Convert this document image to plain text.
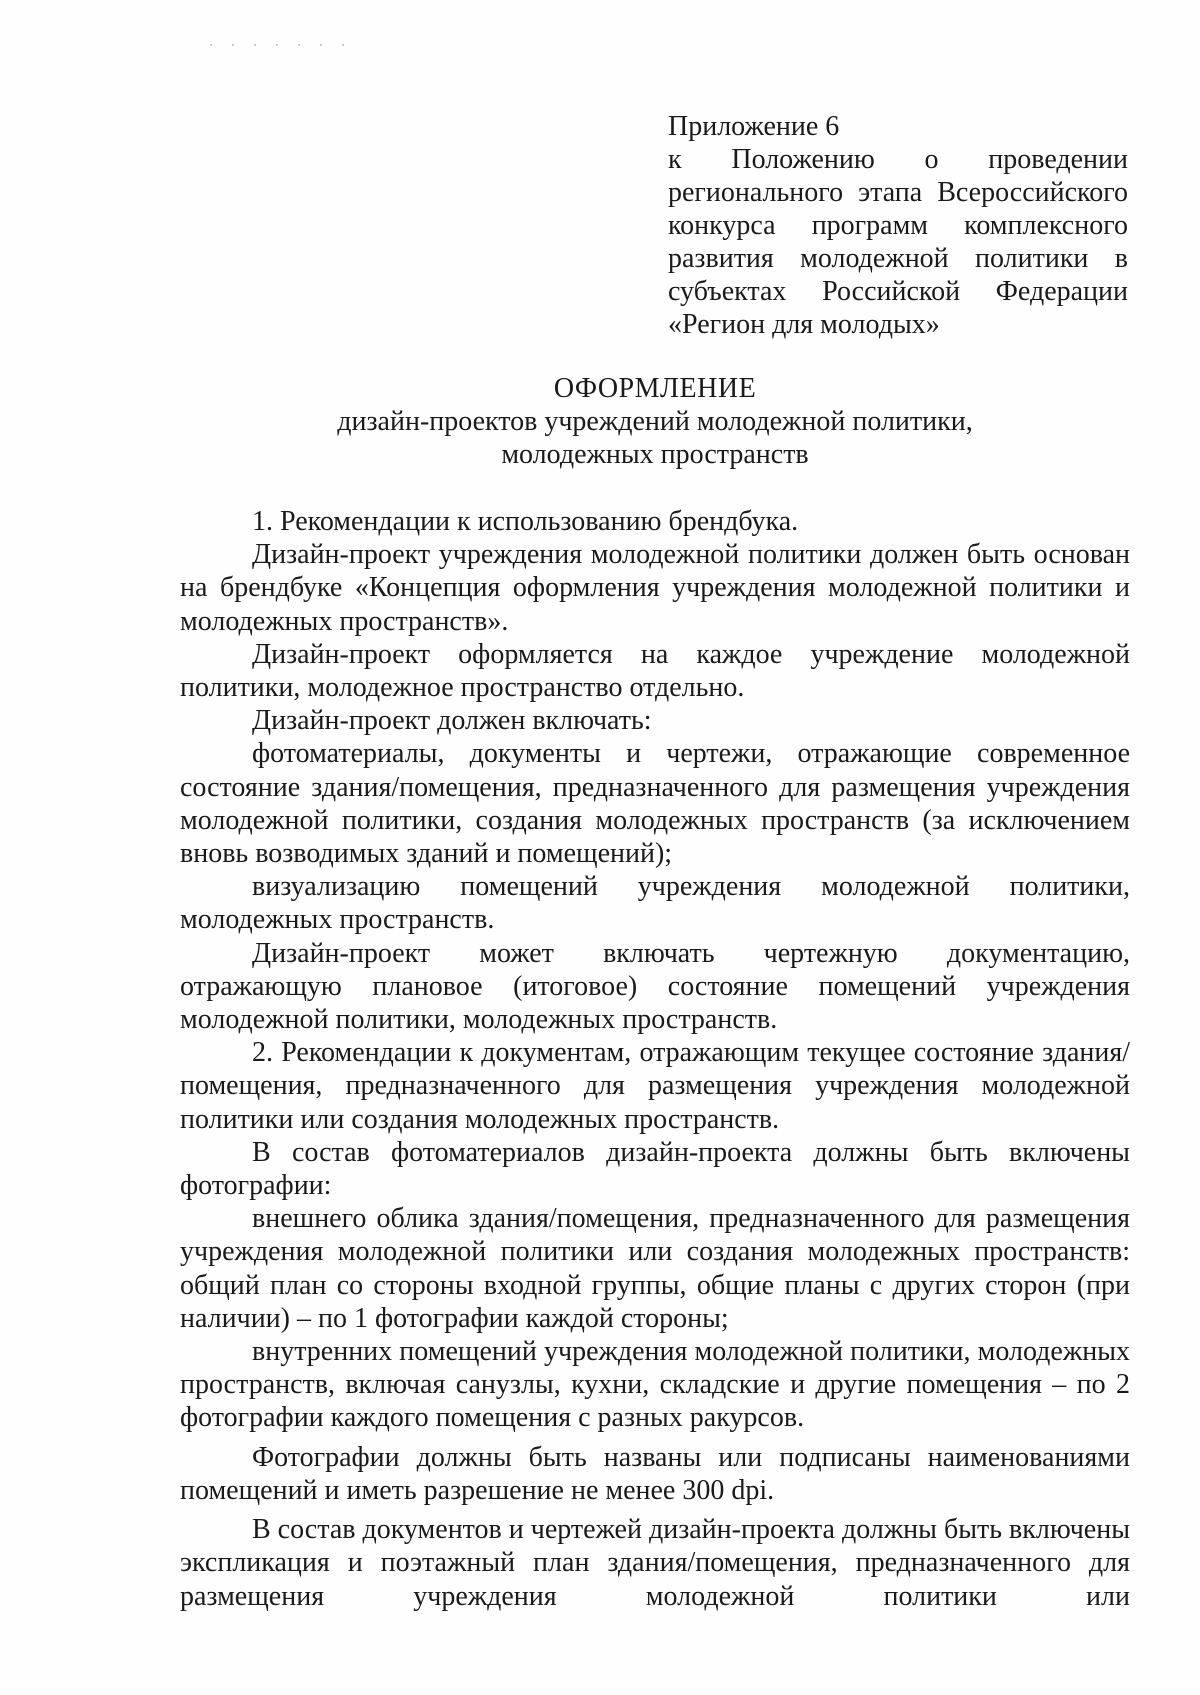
Приложение 6
к Положению о проведении регионального этапа Всероссийского конкурса программ комплексного развития молодежной политики в субъектах Российской Федерации «Регион для молодых»
ОФОРМЛЕНИЕ
дизайн-проектов учреждений молодежной политики,
молодежных пространств

1. Рекомендации к использованию брендбука.

Дизайн-проект учреждения молодежной политики должен быть основан на брендбуке «Концепция оформления учреждения молодежной политики и молодежных пространств».

Дизайн-проект оформляется на каждое учреждение молодежной политики, молодежное пространство отдельно.

Дизайн-проект должен включать:

фотоматериалы, документы и чертежи, отражающие современное состояние здания/помещения, предназначенного для размещения учреждения молодежной политики, создания молодежных пространств (за исключением вновь возводимых зданий и помещений);

визуализацию помещений учреждения молодежной политики, молодежных пространств.

Дизайн-проект может включать чертежную документацию, отражающую плановое (итоговое) состояние помещений учреждения молодежной политики, молодежных пространств.

2. Рекомендации к документам, отражающим текущее состояние здания/помещения, предназначенного для размещения учреждения молодежной политики или создания молодежных пространств.

В состав фотоматериалов дизайн-проекта должны быть включены фотографии:

внешнего облика здания/помещения, предназначенного для размещения учреждения молодежной политики или создания молодежных пространств: общий план со стороны входной группы, общие планы с других сторон (при наличии) – по 1 фотографии каждой стороны;

внутренних помещений учреждения молодежной политики, молодежных пространств, включая санузлы, кухни, складские и другие помещения – по 2 фотографии каждого помещения с разных ракурсов.

Фотографии должны быть названы или подписаны наименованиями помещений и иметь разрешение не менее 300 dpi.

В состав документов и чертежей дизайн-проекта должны быть включены экспликация и поэтажный план здания/помещения, предназначенного для размещения учреждения молодежной политики или
